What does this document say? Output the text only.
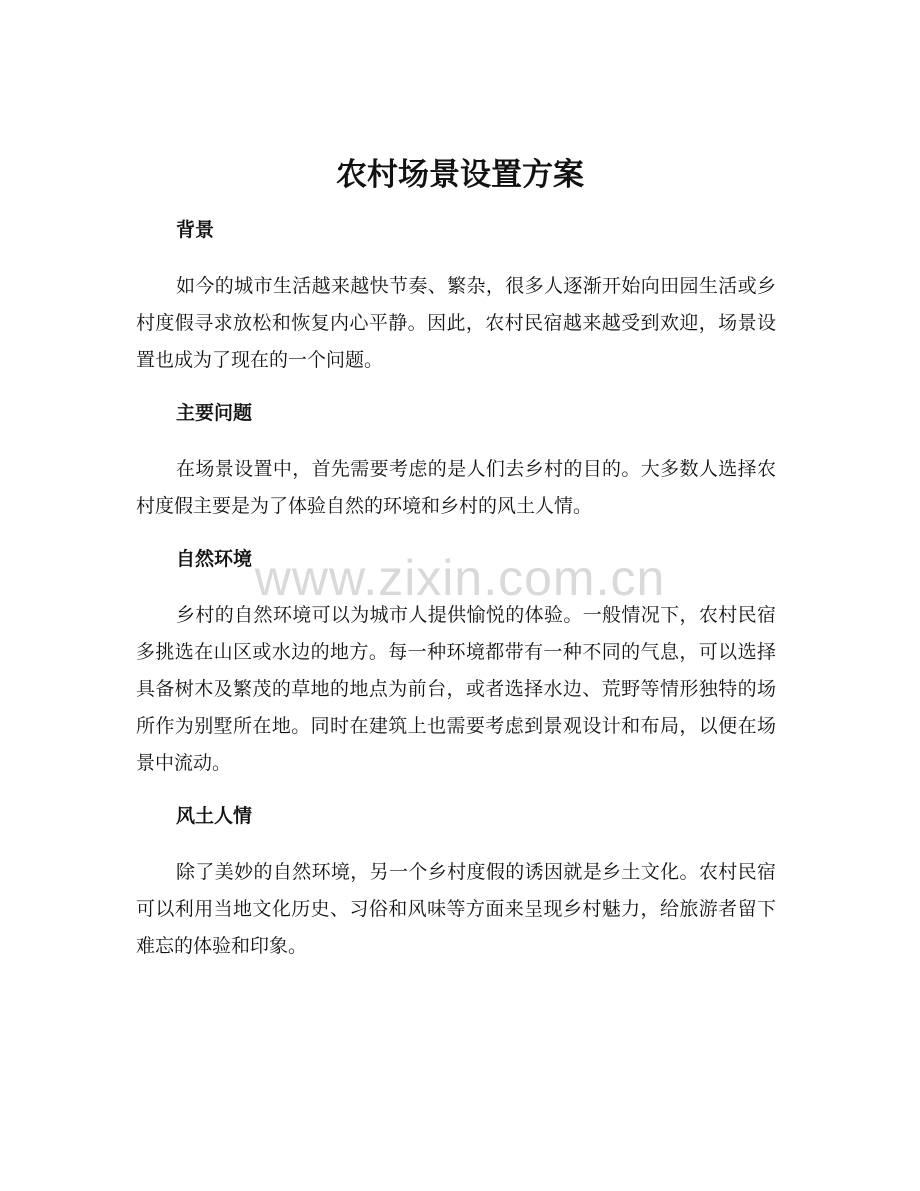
农村场景设置方案
背景

如今的城市生活越来越快节奏、繁杂，很多人逐渐开始向田园生活或乡村度假寻求放松和恢复内心平静。因此，农村民宿越来越受到欢迎，场景设置也成为了现在的一个问题。

主要问题

在场景设置中，首先需要考虑的是人们去乡村的目的。大多数人选择农村度假主要是为了体验自然的环境和乡村的风土人情。

自然环境

乡村的自然环境可以为城市人提供愉悦的体验。一般情况下，农村民宿多挑选在山区或水边的地方。每一种环境都带有一种不同的气息，可以选择具备树木及繁茂的草地的地点为前台，或者选择水边、荒野等情形独特的场所作为别墅所在地。同时在建筑上也需要考虑到景观设计和布局，以便在场景中流动。

风土人情

除了美妙的自然环境，另一个乡村度假的诱因就是乡土文化。农村民宿可以利用当地文化历史、习俗和风味等方面来呈现乡村魅力，给旅游者留下难忘的体验和印象。

www.zixin.com.cn
